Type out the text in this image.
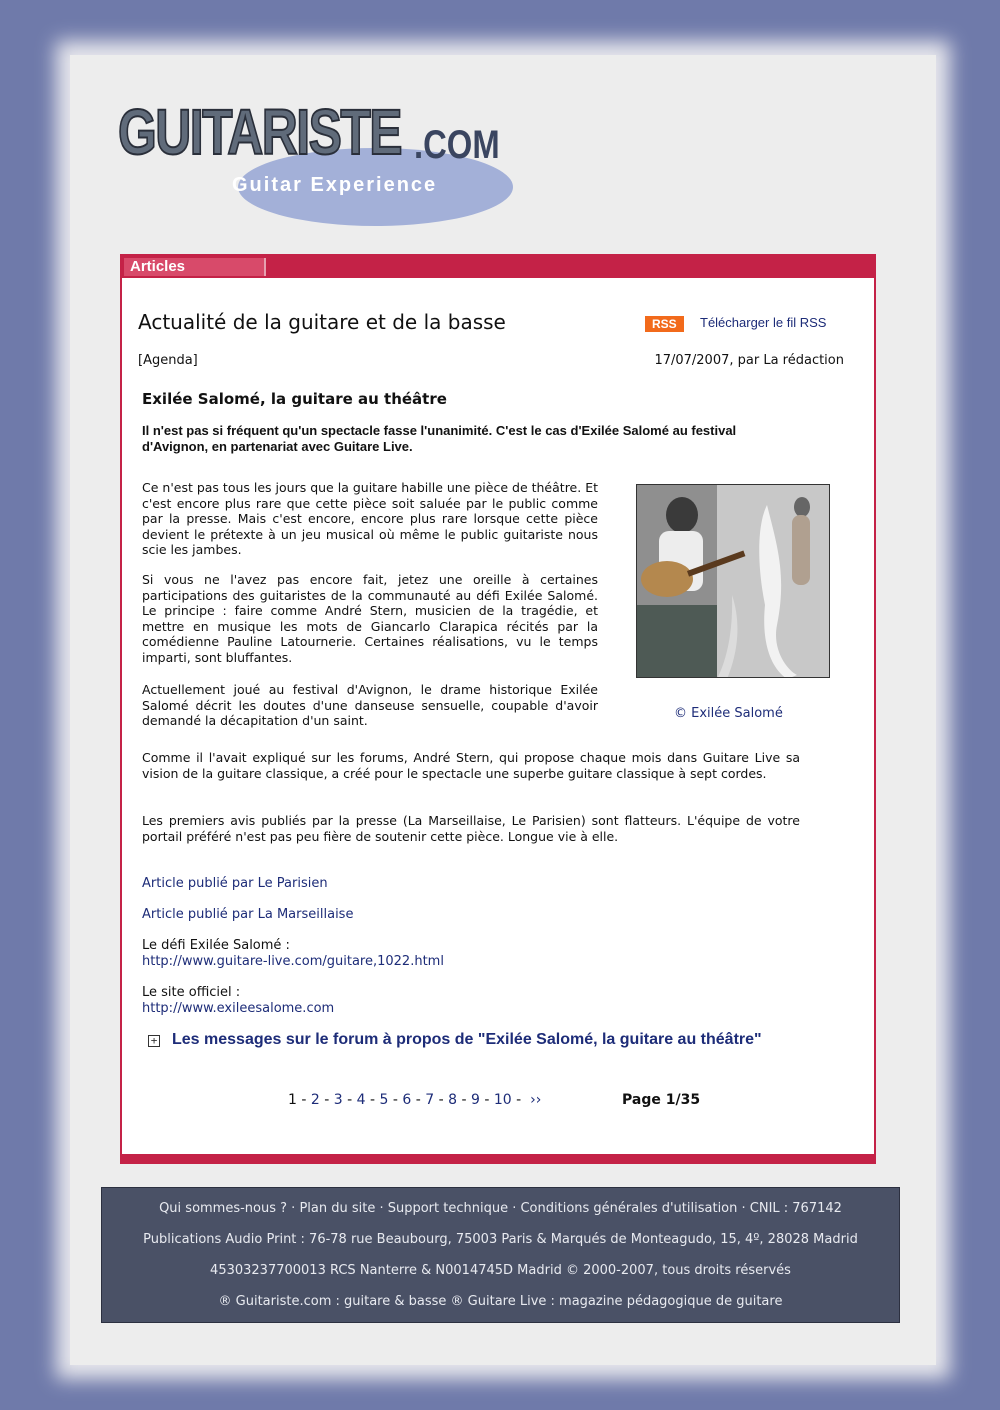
GUITARISTE .COM
Guitar Experience
Articles
Actualité de la guitare et de la basse	RSS	Télécharger le fil RSS
[Agenda]	17/07/2007, par La rédaction
Exilée Salomé, la guitare au théâtre
Il n'est pas si fréquent qu'un spectacle fasse l'unanimité. C'est le cas d'Exilée Salomé au festival d'Avignon, en partenariat avec Guitare Live.
Ce n'est pas tous les jours que la guitare habille une pièce de théâtre. Et c'est encore plus rare que cette pièce soit saluée par le public comme par la presse. Mais c'est encore, encore plus rare lorsque cette pièce devient le prétexte à un jeu musical où même le public guitariste nous scie les jambes.
Si vous ne l'avez pas encore fait, jetez une oreille à certaines participations des guitaristes de la communauté au défi Exilée Salomé. Le principe : faire comme André Stern, musicien de la tragédie, et mettre en musique les mots de Giancarlo Clarapica récités par la comédienne Pauline Latournerie. Certaines réalisations, vu le temps imparti, sont bluffantes.
Actuellement joué au festival d'Avignon, le drame historique Exilée Salomé décrit les doutes d'une danseuse sensuelle, coupable d'avoir demandé la décapitation d'un saint.
Comme il l'avait expliqué sur les forums, André Stern, qui propose chaque mois dans Guitare Live sa vision de la guitare classique, a créé pour le spectacle une superbe guitare classique à sept cordes.
Les premiers avis publiés par la presse (La Marseillaise, Le Parisien) sont flatteurs. L'équipe de votre portail préféré n'est pas peu fière de soutenir cette pièce. Longue vie à elle.
© Exilée Salomé
Article publié par Le Parisien
Article publié par La Marseillaise
Le défi Exilée Salomé :
http://www.guitare-live.com/guitare,1022.html
Le site officiel :
http://www.exileesalome.com
+ Les messages sur le forum à propos de "Exilée Salomé, la guitare au théâtre"
1 - 2 - 3 - 4 - 5 - 6 - 7 - 8 - 9 - 10 -  ››	Page 1/35
Qui sommes-nous ? · Plan du site · Support technique · Conditions générales d'utilisation · CNIL : 767142
Publications Audio Print : 76-78 rue Beaubourg, 75003 Paris & Marqués de Monteagudo, 15, 4º, 28028 Madrid
45303237700013 RCS Nanterre & N0014745D Madrid © 2000-2007, tous droits réservés
® Guitariste.com : guitare & basse ® Guitare Live : magazine pédagogique de guitare
